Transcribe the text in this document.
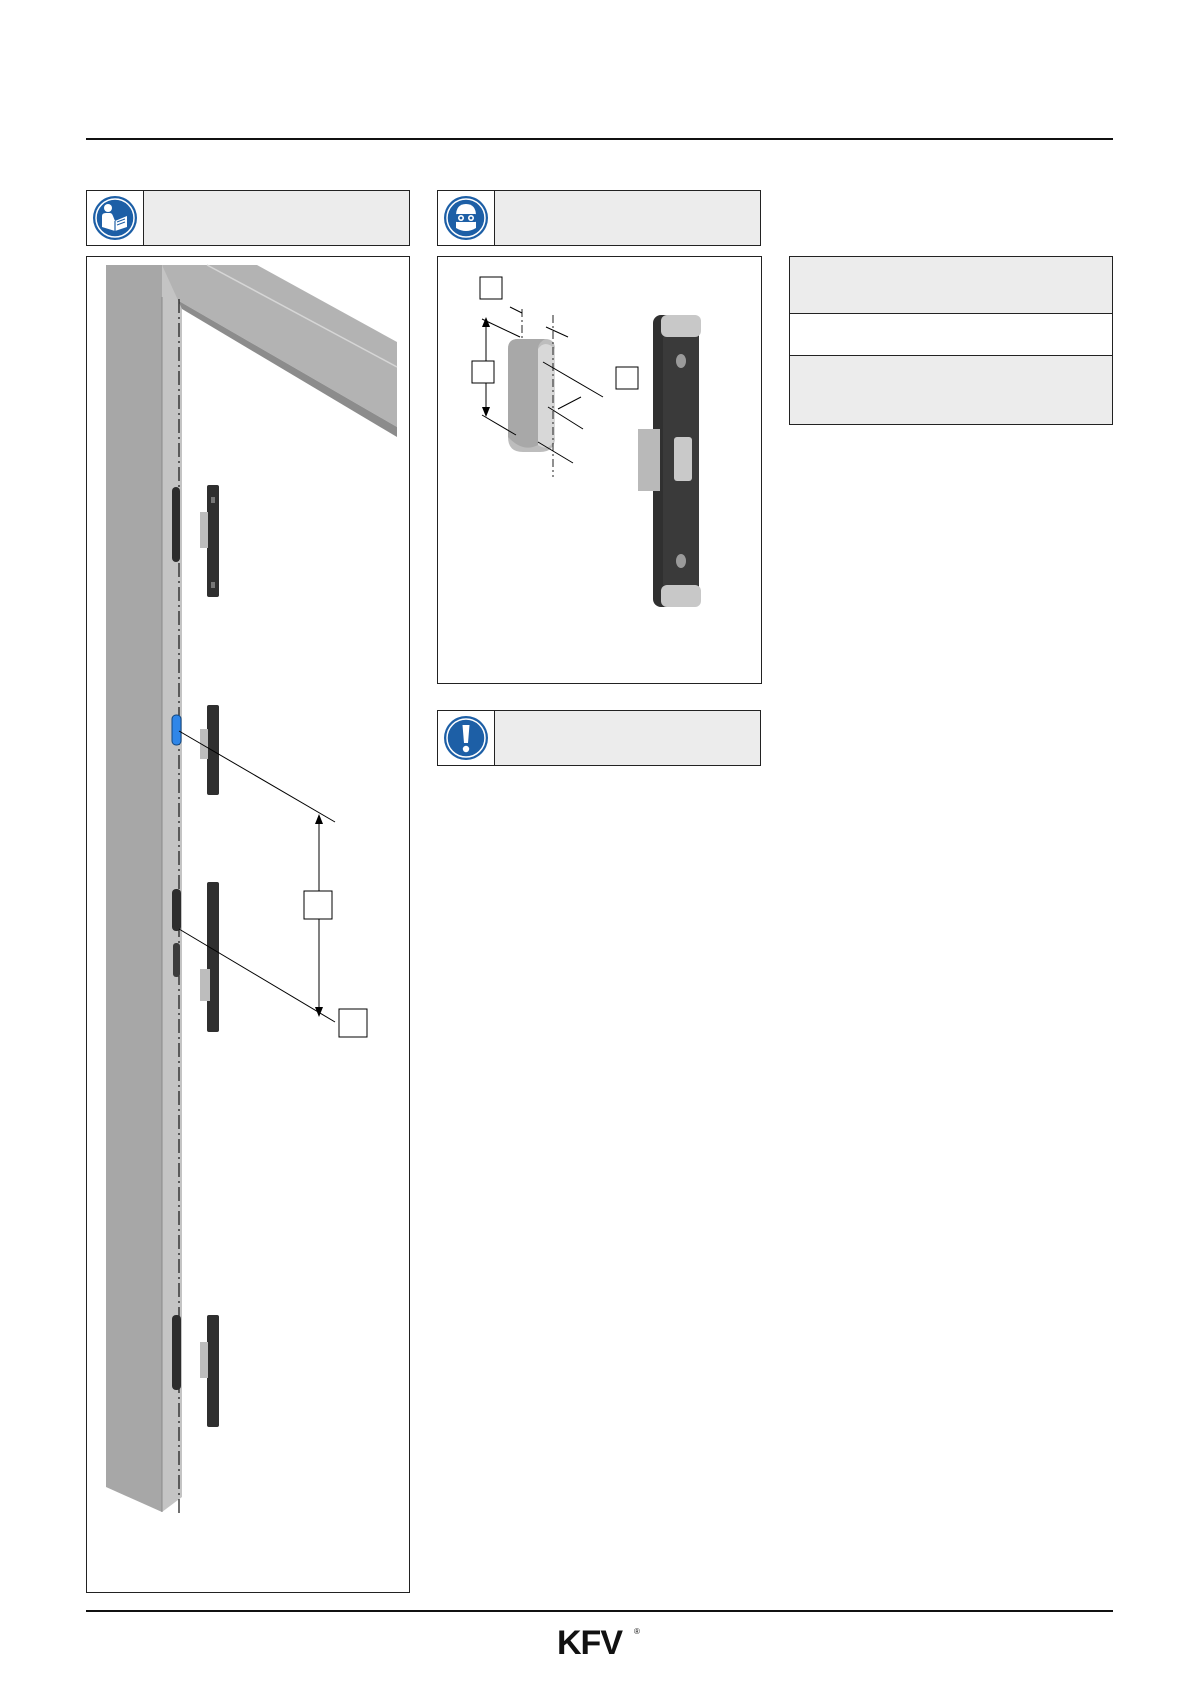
KFV ®
